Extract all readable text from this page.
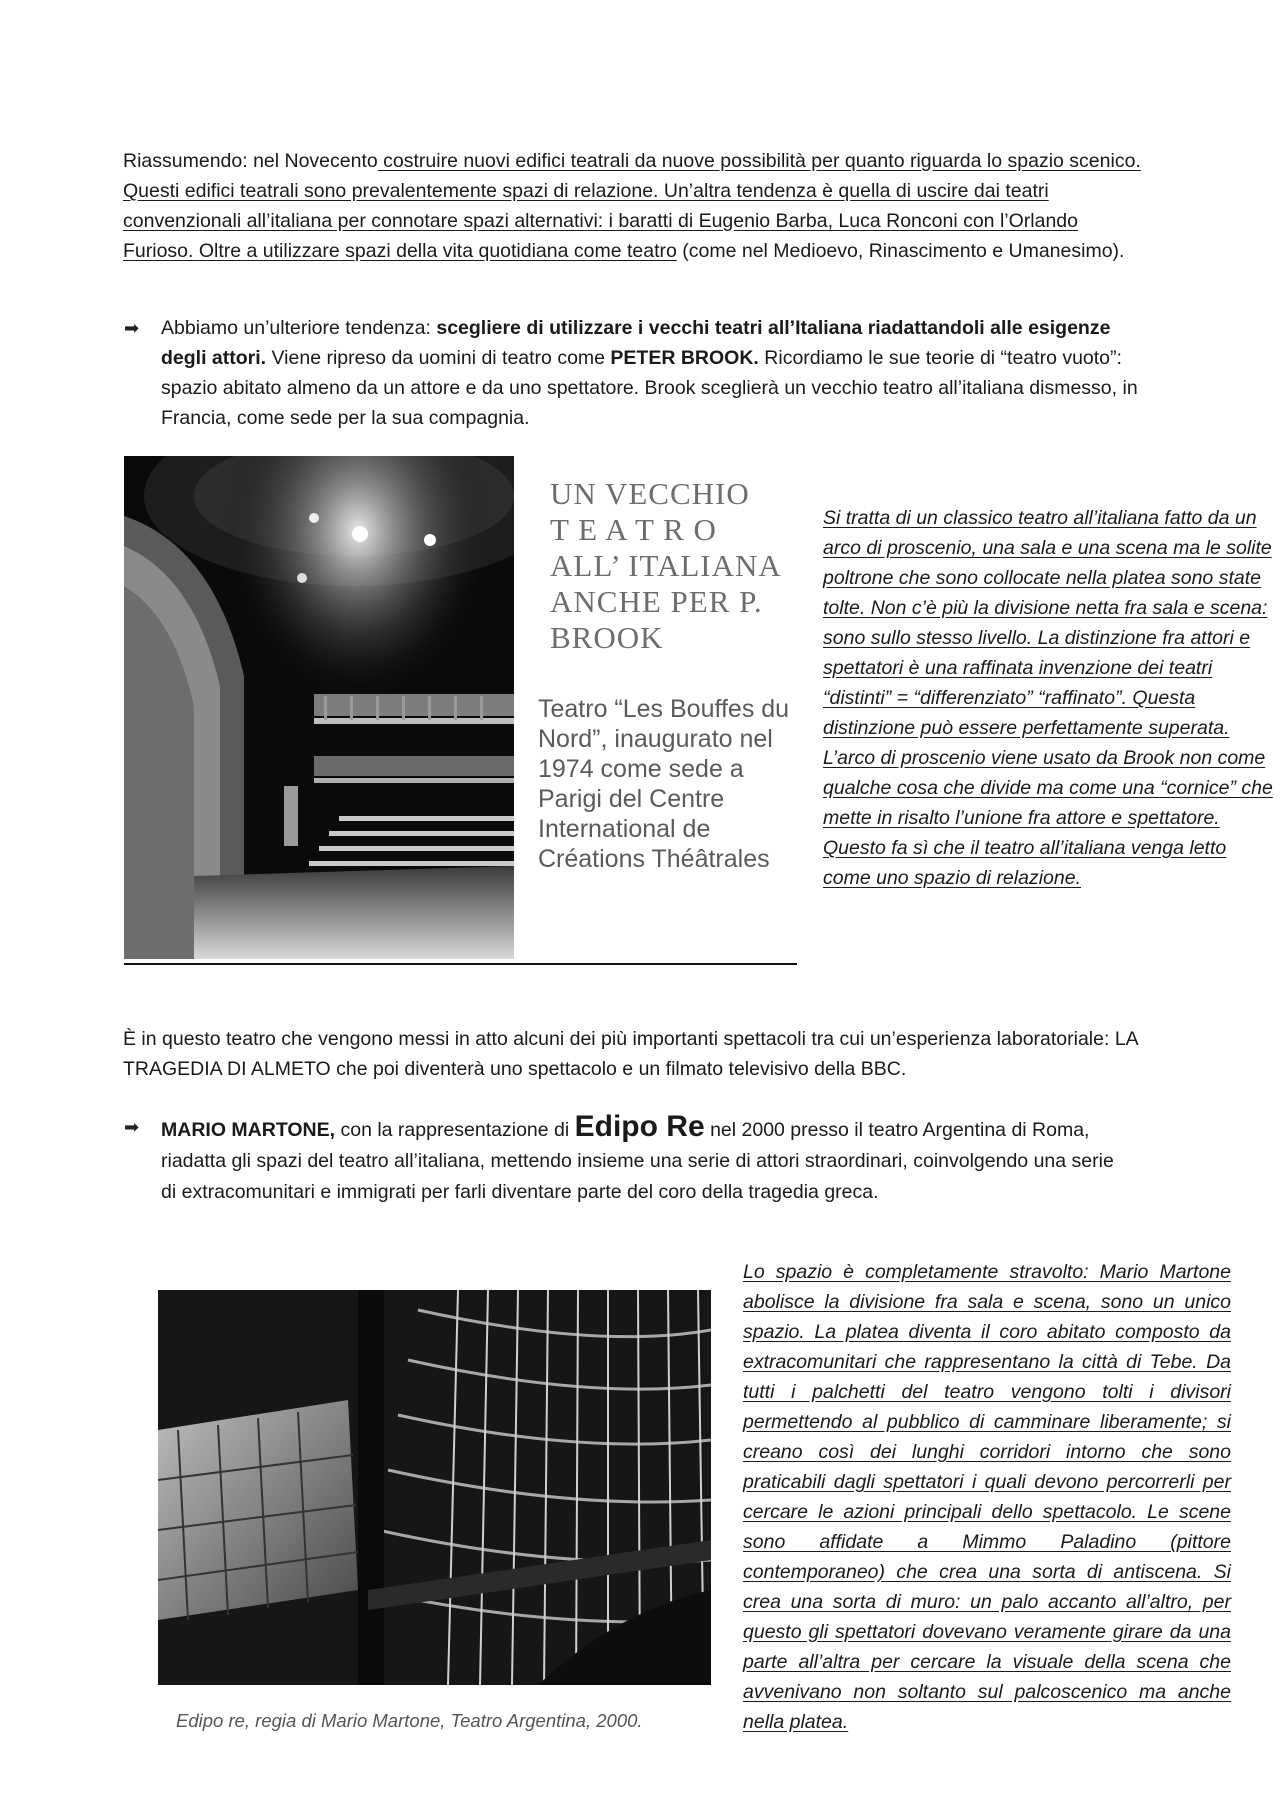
Riassumendo: nel Novecento costruire nuovi edifici teatrali da nuove possibilità per quanto riguarda lo spazio scenico. Questi edifici teatrali sono prevalentemente spazi di relazione. Un’altra tendenza è quella di uscire dai teatri convenzionali all’italiana per connotare spazi alternativi: i baratti di Eugenio Barba, Luca Ronconi con l’Orlando Furioso. Oltre a utilizzare spazi della vita quotidiana come teatro (come nel Medioevo, Rinascimento e Umanesimo).
➡ Abbiamo un’ulteriore tendenza: scegliere di utilizzare i vecchi teatri all’Italiana riadattandoli alle esigenze degli attori. Viene ripreso da uomini di teatro come PETER BROOK. Ricordiamo le sue teorie di “teatro vuoto”: spazio abitato almeno da un attore e da uno spettatore. Brook sceglierà un vecchio teatro all’italiana dismesso, in Francia, come sede per la sua compagnia.
UN VECCHIO
T E A T R O
ALL’ ITALIANA
ANCHE PER P.
BROOK
Teatro “Les Bouffes du Nord”, inaugurato nel 1974 come sede a Parigi del Centre International de Créations Théâtrales
Si tratta di un classico teatro all’italiana fatto da un arco di proscenio, una sala e una scena ma le solite poltrone che sono collocate nella platea sono state tolte. Non c’è più la divisione netta fra sala e scena: sono sullo stesso livello. La distinzione fra attori e spettatori è una raffinata invenzione dei teatri “distinti” = “differenziato” “raffinato”. Questa distinzione può essere perfettamente superata. L’arco di proscenio viene usato da Brook non come qualche cosa che divide ma come una “cornice” che mette in risalto l’unione fra attore e spettatore. Questo fa sì che il teatro all’italiana venga letto come uno spazio di relazione.
È in questo teatro che vengono messi in atto alcuni dei più importanti spettacoli tra cui un’esperienza laboratoriale: LA TRAGEDIA DI ALMETO che poi diventerà uno spettacolo e un filmato televisivo della BBC.
➡ MARIO MARTONE, con la rappresentazione di Edipo Re nel 2000 presso il teatro Argentina di Roma, riadatta gli spazi del teatro all’italiana, mettendo insieme una serie di attori straordinari, coinvolgendo una serie di extracomunitari e immigrati per farli diventare parte del coro della tragedia greca.
Edipo re, regia di Mario Martone, Teatro Argentina, 2000.
Lo spazio è completamente stravolto: Mario Martone abolisce la divisione fra sala e scena, sono un unico spazio. La platea diventa il coro abitato composto da extracomunitari che rappresentano la città di Tebe. Da tutti i palchetti del teatro vengono tolti i divisori permettendo al pubblico di camminare liberamente; si creano così dei lunghi corridori intorno che sono praticabili dagli spettatori i quali devono percorrerli per cercare le azioni principali dello spettacolo. Le scene sono affidate a Mimmo Paladino (pittore contemporaneo) che crea una sorta di antiscena. Si crea una sorta di muro: un palo accanto all’altro, per questo gli spettatori dovevano veramente girare da una parte all’altra per cercare la visuale della scena che avvenivano non soltanto sul palcoscenico ma anche nella platea.
